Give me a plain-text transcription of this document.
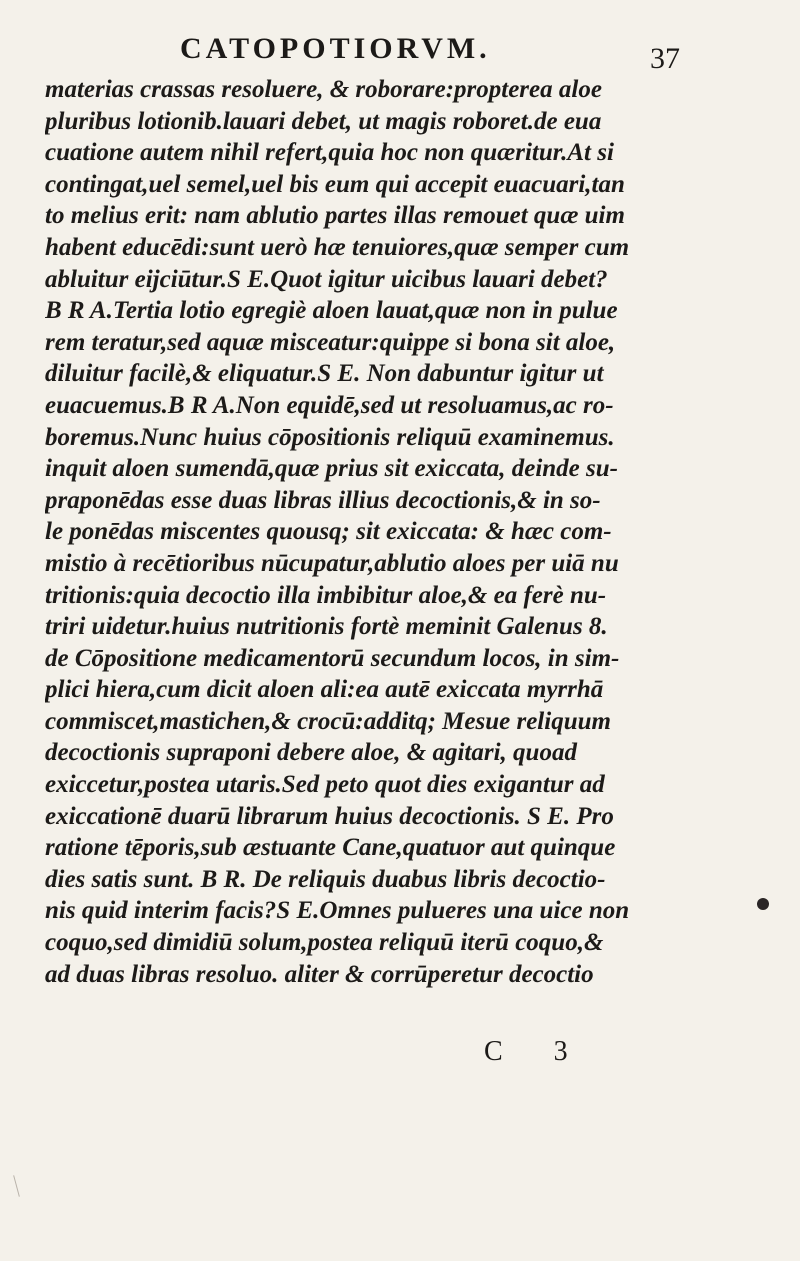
CATOPOTIORVM.	37
materias crassas resoluere, & roborare:propterea aloe
pluribus lotionib.lauari debet, ut magis roboret.de eua
cuatione autem nihil refert,quia hoc non quæritur.At si
contingat,uel semel,uel bis eum qui accepit euacuari,tan
to melius erit: nam ablutio partes illas remouet quæ uim
habent educēdi:sunt uerò hæ tenuiores,quæ semper cum
abluitur eijciūtur.S E.Quot igitur uicibus lauari debet?
B R A.Tertia lotio egregiè aloen lauat,quæ non in pulue
rem teratur,sed aquæ misceatur:quippe si bona sit aloe,
diluitur facilè,& eliquatur.S E. Non dabuntur igitur ut
euacuemus.B R A.Non equidē,sed ut resoluamus,ac ro-
boremus.Nunc huius cōpositionis reliquū examinemus.
inquit aloen sumendā,quæ prius sit exiccata, deinde su-
praponēdas esse duas libras illius decoctionis,& in so-
le ponēdas miscentes quousq; sit exiccata: & hæc com-
mistio à recētioribus nūcupatur,ablutio aloes per uiā nu
tritionis:quia decoctio illa imbibitur aloe,& ea ferè nu-
triri uidetur.huius nutritionis fortè meminit Galenus 8.
de Cōpositione medicamentorū secundum locos, in sim-
plici hiera,cum dicit aloen ali:ea autē exiccata myrrhā
commiscet,mastichen,& crocū:additq; Mesue reliquum
decoctionis supraponi debere aloe, & agitari, quoad
exiccetur,postea utaris.Sed peto quot dies exigantur ad
exiccationē duarū librarum huius decoctionis. S E. Pro
ratione tēporis,sub æstuante Cane,quatuor aut quinque
dies satis sunt. B R. De reliquis duabus libris decoctio-
nis quid interim facis?S E.Omnes pulueres una uice non
coquo,sed dimidiū solum,postea reliquū iterū coquo,&
ad duas libras resoluo. aliter & corrūperetur decoctio
C 3
